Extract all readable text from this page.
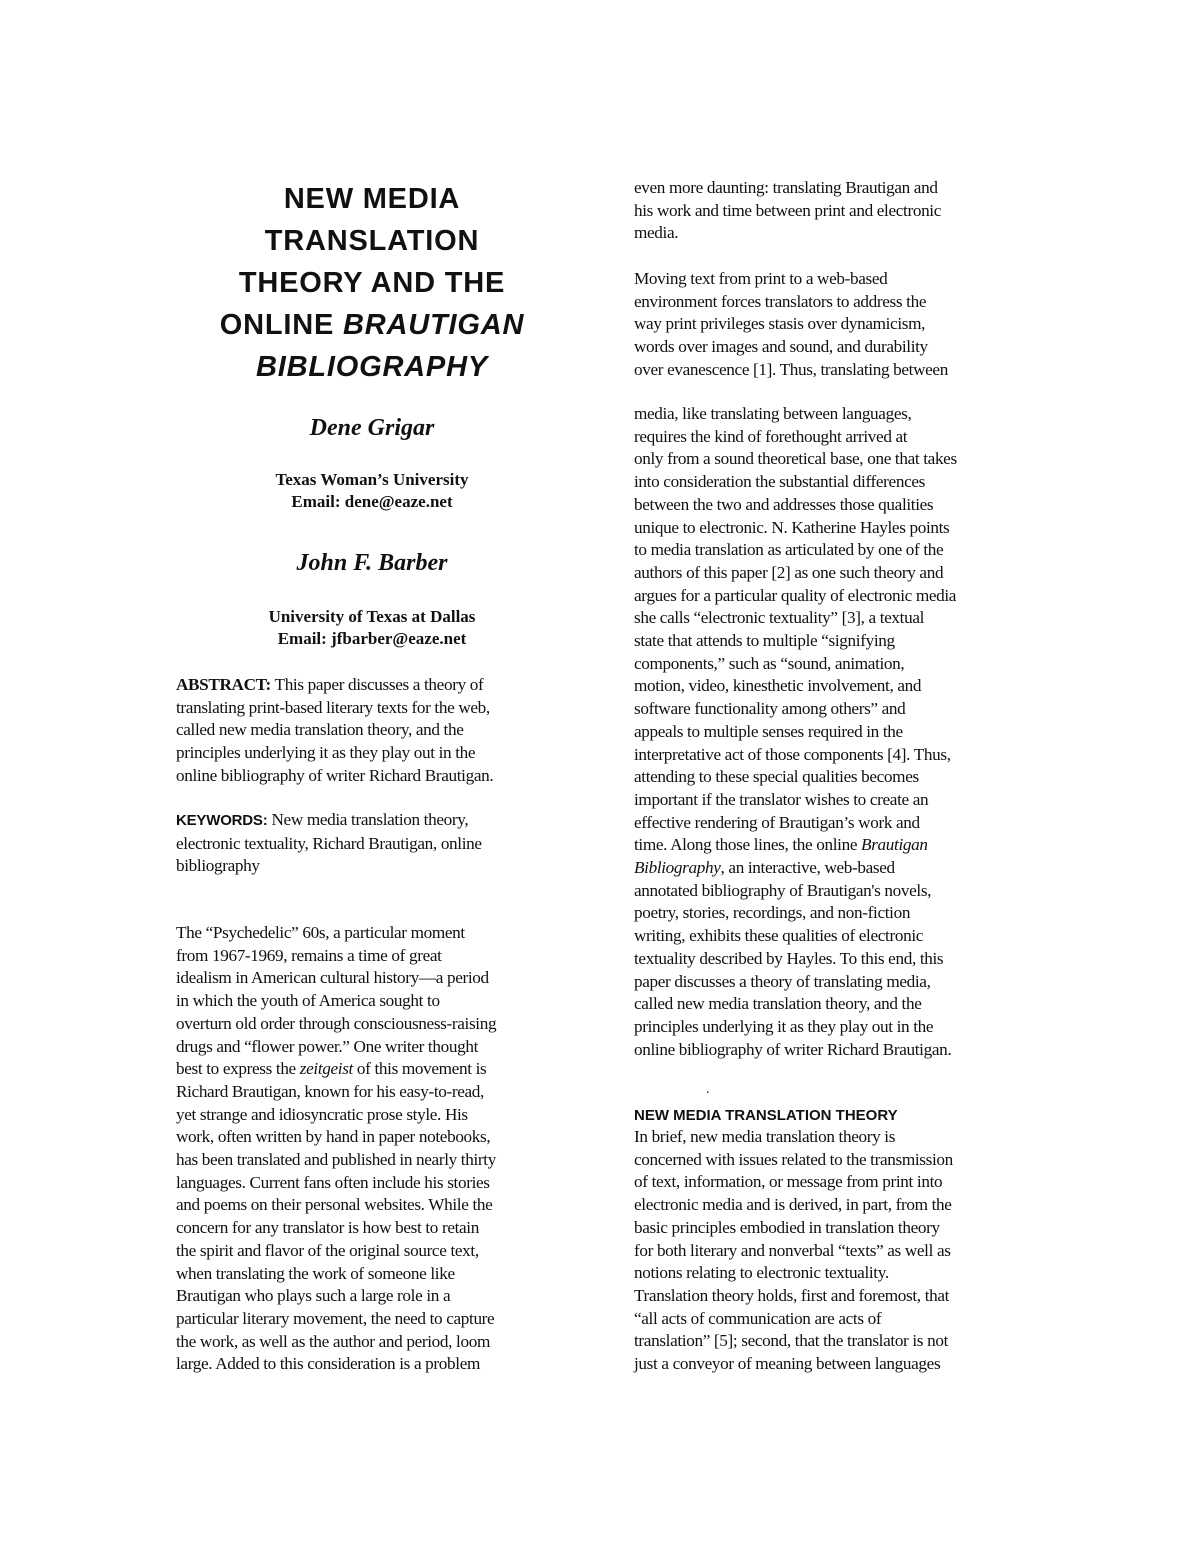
NEW MEDIA
TRANSLATION
THEORY AND THE
ONLINE BRAUTIGAN
BIBLIOGRAPHY

Dene Grigar

Texas Woman’s University
Email: dene@eaze.net

John F. Barber

University of Texas at Dallas
Email: jfbarber@eaze.net

ABSTRACT: This paper discusses a theory of
translating print-based literary texts for the web,
called new media translation theory, and the
principles underlying it as they play out in the
online bibliography of writer Richard Brautigan.
KEYWORDS: New media translation theory,
electronic textuality, Richard Brautigan, online
bibliography
The “Psychedelic” 60s, a particular moment
from 1967-1969, remains a time of great
idealism in American cultural history—a period
in which the youth of America sought to
overturn old order through consciousness-raising
drugs and “flower power.” One writer thought
best to express the zeitgeist of this movement is
Richard Brautigan, known for his easy-to-read,
yet strange and idiosyncratic prose style. His
work, often written by hand in paper notebooks,
has been translated and published in nearly thirty
languages. Current fans often include his stories
and poems on their personal websites. While the
concern for any translator is how best to retain
the spirit and flavor of the original source text,
when translating the work of someone like
Brautigan who plays such a large role in a
particular literary movement, the need to capture
the work, as well as the author and period, loom
large. Added to this consideration is a problem
even more daunting: translating Brautigan and
his work and time between print and electronic
media.
Moving text from print to a web-based
environment forces translators to address the
way print privileges stasis over dynamicism,
words over images and sound, and durability
over evanescence [1]. Thus, translating between
media, like translating between languages,
requires the kind of forethought arrived at
only from a sound theoretical base, one that takes
into consideration the substantial differences
between the two and addresses those qualities
unique to electronic. N. Katherine Hayles points
to media translation as articulated by one of the
authors of this paper [2] as one such theory and
argues for a particular quality of electronic media
she calls “electronic textuality” [3], a textual
state that attends to multiple “signifying
components,” such as “sound, animation,
motion, video, kinesthetic involvement, and
software functionality among others” and
appeals to multiple senses required in the
interpretative act of those components [4]. Thus,
attending to these special qualities becomes
important if the translator wishes to create an
effective rendering of Brautigan’s work and
time. Along those lines, the online Brautigan
Bibliography, an interactive, web-based
annotated bibliography of Brautigan's novels,
poetry, stories, recordings, and non-fiction
writing, exhibits these qualities of electronic
textuality described by Hayles. To this end, this
paper discusses a theory of translating media,
called new media translation theory, and the
principles underlying it as they play out in the
online bibliography of writer Richard Brautigan.

.

NEW MEDIA TRANSLATION THEORY
In brief, new media translation theory is
concerned with issues related to the transmission
of text, information, or message from print into
electronic media and is derived, in part, from the
basic principles embodied in translation theory
for both literary and nonverbal “texts” as well as
notions relating to electronic textuality.
Translation theory holds, first and foremost, that
“all acts of communication are acts of
translation” [5]; second, that the translator is not
just a conveyor of meaning between languages
